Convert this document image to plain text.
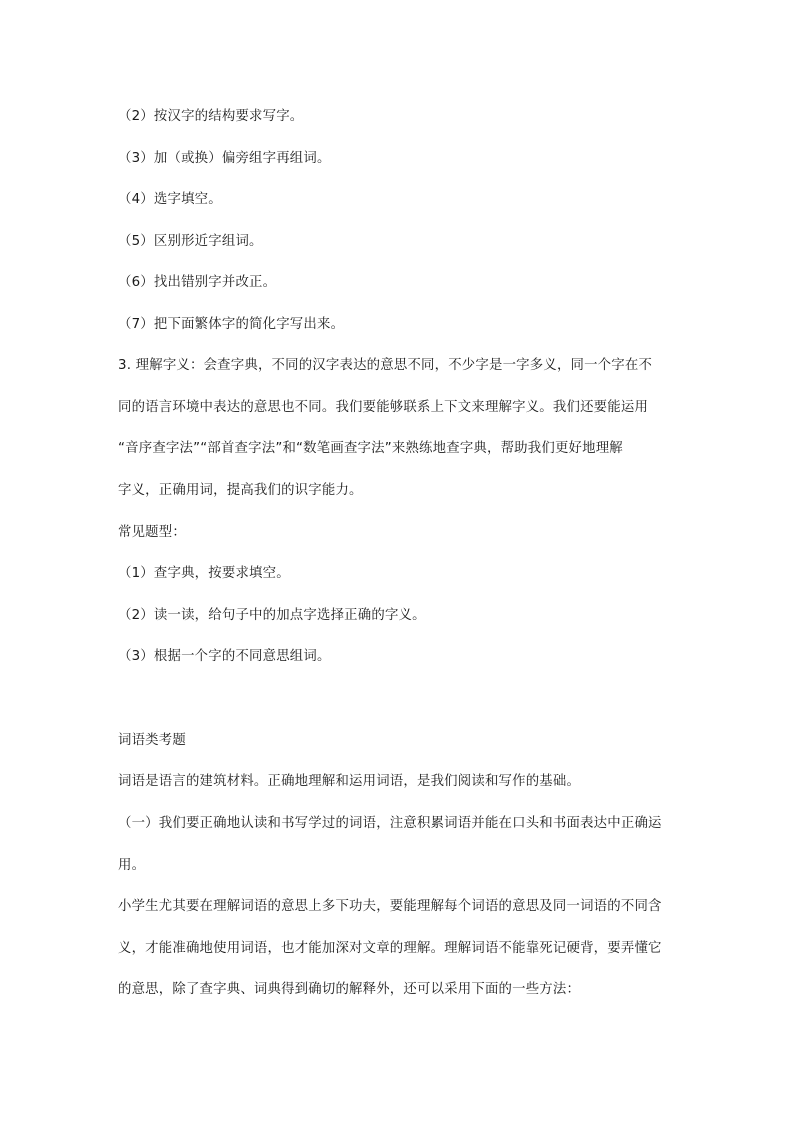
（2）按汉字的结构要求写字。
（3）加（或换）偏旁组字再组词。
（4）选字填空。
（5）区别形近字组词。
（6）找出错别字并改正。
（7）把下面繁体字的简化字写出来。
3. 理解字义：会查字典，不同的汉字表达的意思不同，不少字是一字多义，同一个字在不
同的语言环境中表达的意思也不同。我们要能够联系上下文来理解字义。我们还要能运用
“音序查字法”“部首查字法”和“数笔画查字法”来熟练地查字典，帮助我们更好地理解
字义，正确用词，提高我们的识字能力。
常见题型：
（1）查字典，按要求填空。
（2）读一读，给句子中的加点字选择正确的字义。
（3）根据一个字的不同意思组词。
词语类考题
词语是语言的建筑材料。正确地理解和运用词语，是我们阅读和写作的基础。
（一）我们要正确地认读和书写学过的词语，注意积累词语并能在口头和书面表达中正确运
用。
小学生尤其要在理解词语的意思上多下功夫，要能理解每个词语的意思及同一词语的不同含
义，才能准确地使用词语，也才能加深对文章的理解。理解词语不能靠死记硬背，要弄懂它
的意思，除了查字典、词典得到确切的解释外，还可以采用下面的一些方法：
